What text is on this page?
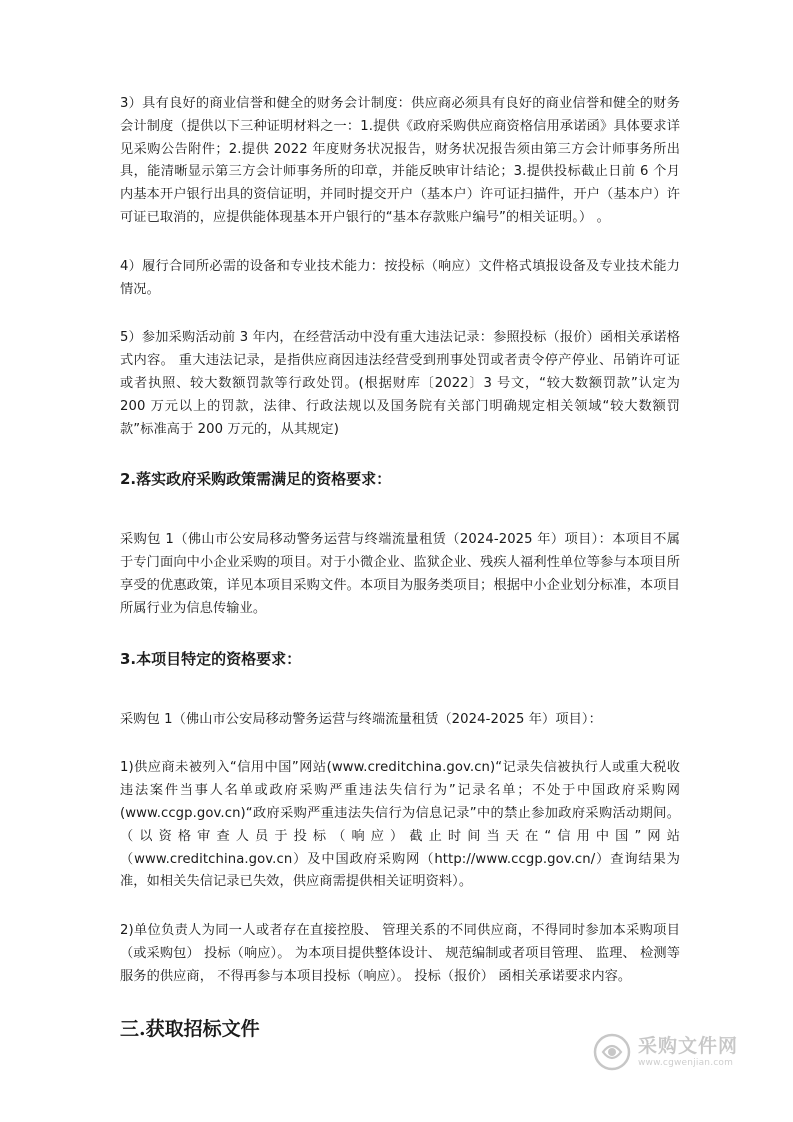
3）具有良好的商业信誉和健全的财务会计制度：供应商必须具有良好的商业信誉和健全的财务会计制度（提供以下三种证明材料之一：1.提供《政府采购供应商资格信用承诺函》具体要求详见采购公告附件；2.提供 2022 年度财务状况报告，财务状况报告须由第三方会计师事务所出具，能清晰显示第三方会计师事务所的印章，并能反映审计结论；3.提供投标截止日前 6 个月内基本开户银行出具的资信证明，并同时提交开户（基本户）许可证扫描件，开户（基本户）许可证已取消的，应提供能体现基本开户银行的“基本存款账户编号”的相关证明。） 。

4）履行合同所必需的设备和专业技术能力：按投标（响应）文件格式填报设备及专业技术能力情况。

5）参加采购活动前 3 年内，在经营活动中没有重大违法记录：参照投标（报价）函相关承诺格式内容。 重大违法记录，是指供应商因违法经营受到刑事处罚或者责令停产停业、吊销许可证或者执照、较大数额罚款等行政处罚。(根据财库〔2022〕3 号文，“较大数额罚款”认定为 200 万元以上的罚款，法律、行政法规以及国务院有关部门明确规定相关领域“较大数额罚款”标准高于 200 万元的，从其规定)

2.落实政府采购政策需满足的资格要求：

采购包 1（佛山市公安局移动警务运营与终端流量租赁（2024-2025 年）项目）：本项目不属于专门面向中小企业采购的项目。对于小微企业、监狱企业、残疾人福利性单位等参与本项目所享受的优惠政策，详见本项目采购文件。本项目为服务类项目；根据中小企业划分标准，本项目所属行业为信息传输业。

3.本项目特定的资格要求：

采购包 1（佛山市公安局移动警务运营与终端流量租赁（2024-2025 年）项目）：

1)供应商未被列入“信用中国”网站(www.creditchina.gov.cn)“记录失信被执行人或重大税收违法案件当事人名单或政府采购严重违法失信行为”记录名单；不处于中国政府采购网(www.ccgp.gov.cn)“政府采购严重违法失信行为信息记录”中的禁止参加政府采购活动期间。（以资格审查人员于投标（响应）截止时间当天在“信用中国”网站（www.creditchina.gov.cn）及中国政府采购网（http://www.ccgp.gov.cn/）查询结果为准，如相关失信记录已失效，供应商需提供相关证明资料）。

2)单位负责人为同一人或者存在直接控股、 管理关系的不同供应商，不得同时参加本采购项目（或采购包） 投标（响应）。 为本项目提供整体设计、 规范编制或者项目管理、 监理、 检测等服务的供应商， 不得再参与本项目投标（响应）。 投标（报价） 函相关承诺要求内容。

三.获取招标文件
采购文件网
www.cgwenjian.com
